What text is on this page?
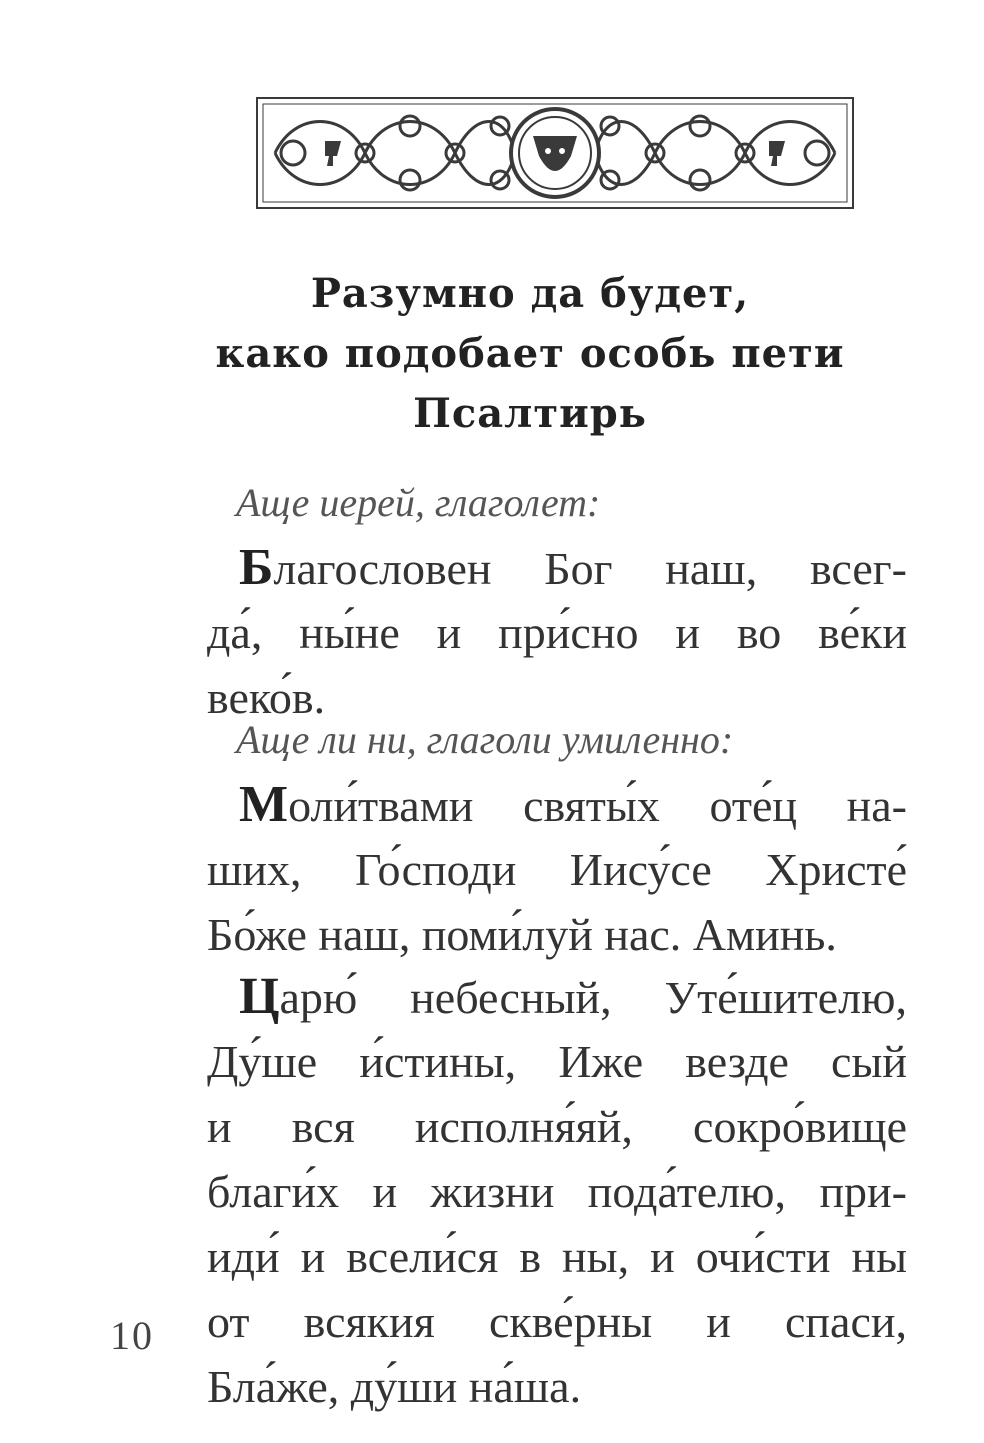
Разумно да будет,
како подобает особь пети
Псалтирь
Аще иерей, глаголет:
Благословен Бог наш, всег-
да́, ны́не и при́сно и во ве́ки
веко́в.
Аще ли ни, глаголи умиленно:
Моли́твами святы́х оте́ц на-
ших, Го́споди Иису́се Христе́
Бо́же наш, поми́луй нас. Аминь.
Царю́ небесный, Уте́шителю,
Ду́ше и́стины, Иже везде сый
и вся исполня́яй, сокро́вище
благи́х и жизни пода́телю, при-
иди́ и всели́ся в ны, и очи́сти ны
от всякия скве́рны и спаси,
Бла́же, ду́ши на́ша.
10
